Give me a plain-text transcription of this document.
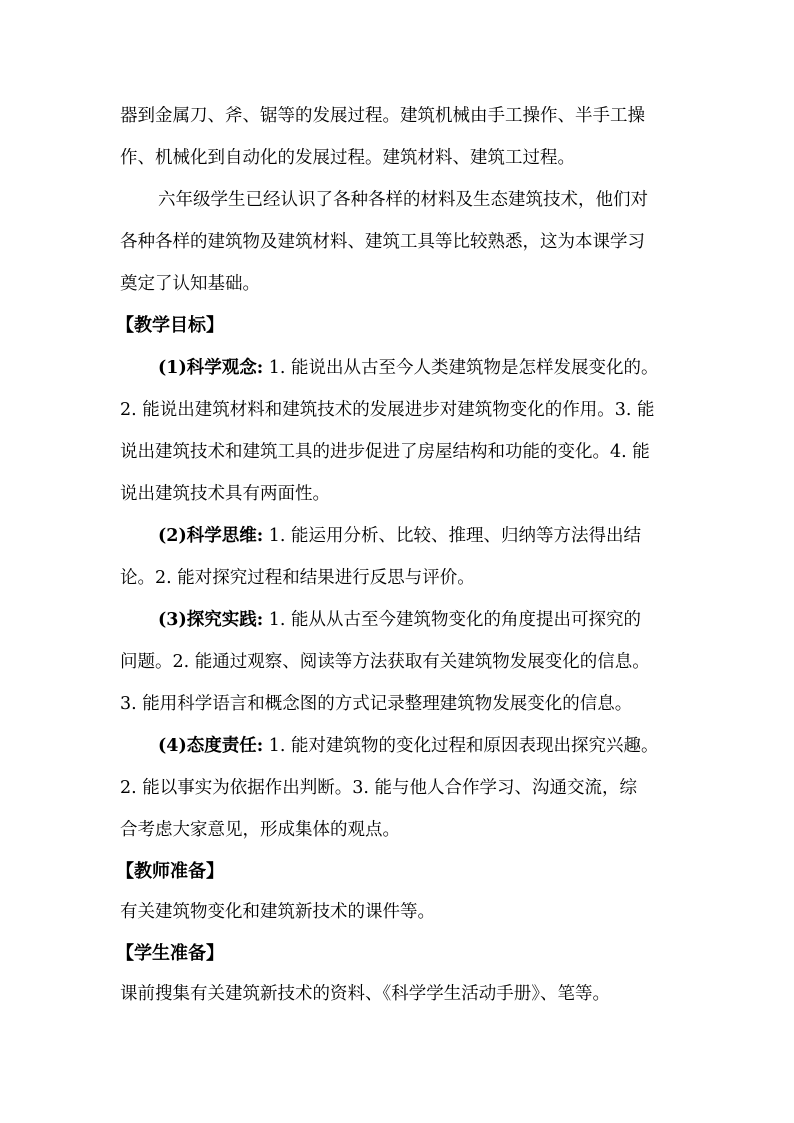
器到金属刀、斧、锯等的发展过程。建筑机械由手工操作、半手工操
作、机械化到自动化的发展过程。建筑材料、建筑工过程。
六年级学生已经认识了各种各样的材料及生态建筑技术，他们对
各种各样的建筑物及建筑材料、建筑工具等比较熟悉，这为本课学习
奠定了认知基础。
【教学目标】
(1)科学观念: 1. 能说出从古至今人类建筑物是怎样发展变化的。
2. 能说出建筑材料和建筑技术的发展进步对建筑物变化的作用。3. 能
说出建筑技术和建筑工具的进步促进了房屋结构和功能的变化。4. 能
说出建筑技术具有两面性。
(2)科学思维: 1. 能运用分析、比较、推理、归纳等方法得出结
论。2. 能对探究过程和结果进行反思与评价。
(3)探究实践: 1. 能从从古至今建筑物变化的角度提出可探究的
问题。2. 能通过观察、阅读等方法获取有关建筑物发展变化的信息。
3. 能用科学语言和概念图的方式记录整理建筑物发展变化的信息。
(4)态度责任: 1. 能对建筑物的变化过程和原因表现出探究兴趣。
2. 能以事实为依据作出判断。3. 能与他人合作学习、沟通交流，综
合考虑大家意见，形成集体的观点。
【教师准备】
有关建筑物变化和建筑新技术的课件等。
【学生准备】
课前搜集有关建筑新技术的资料、《科学学生活动手册》、笔等。
